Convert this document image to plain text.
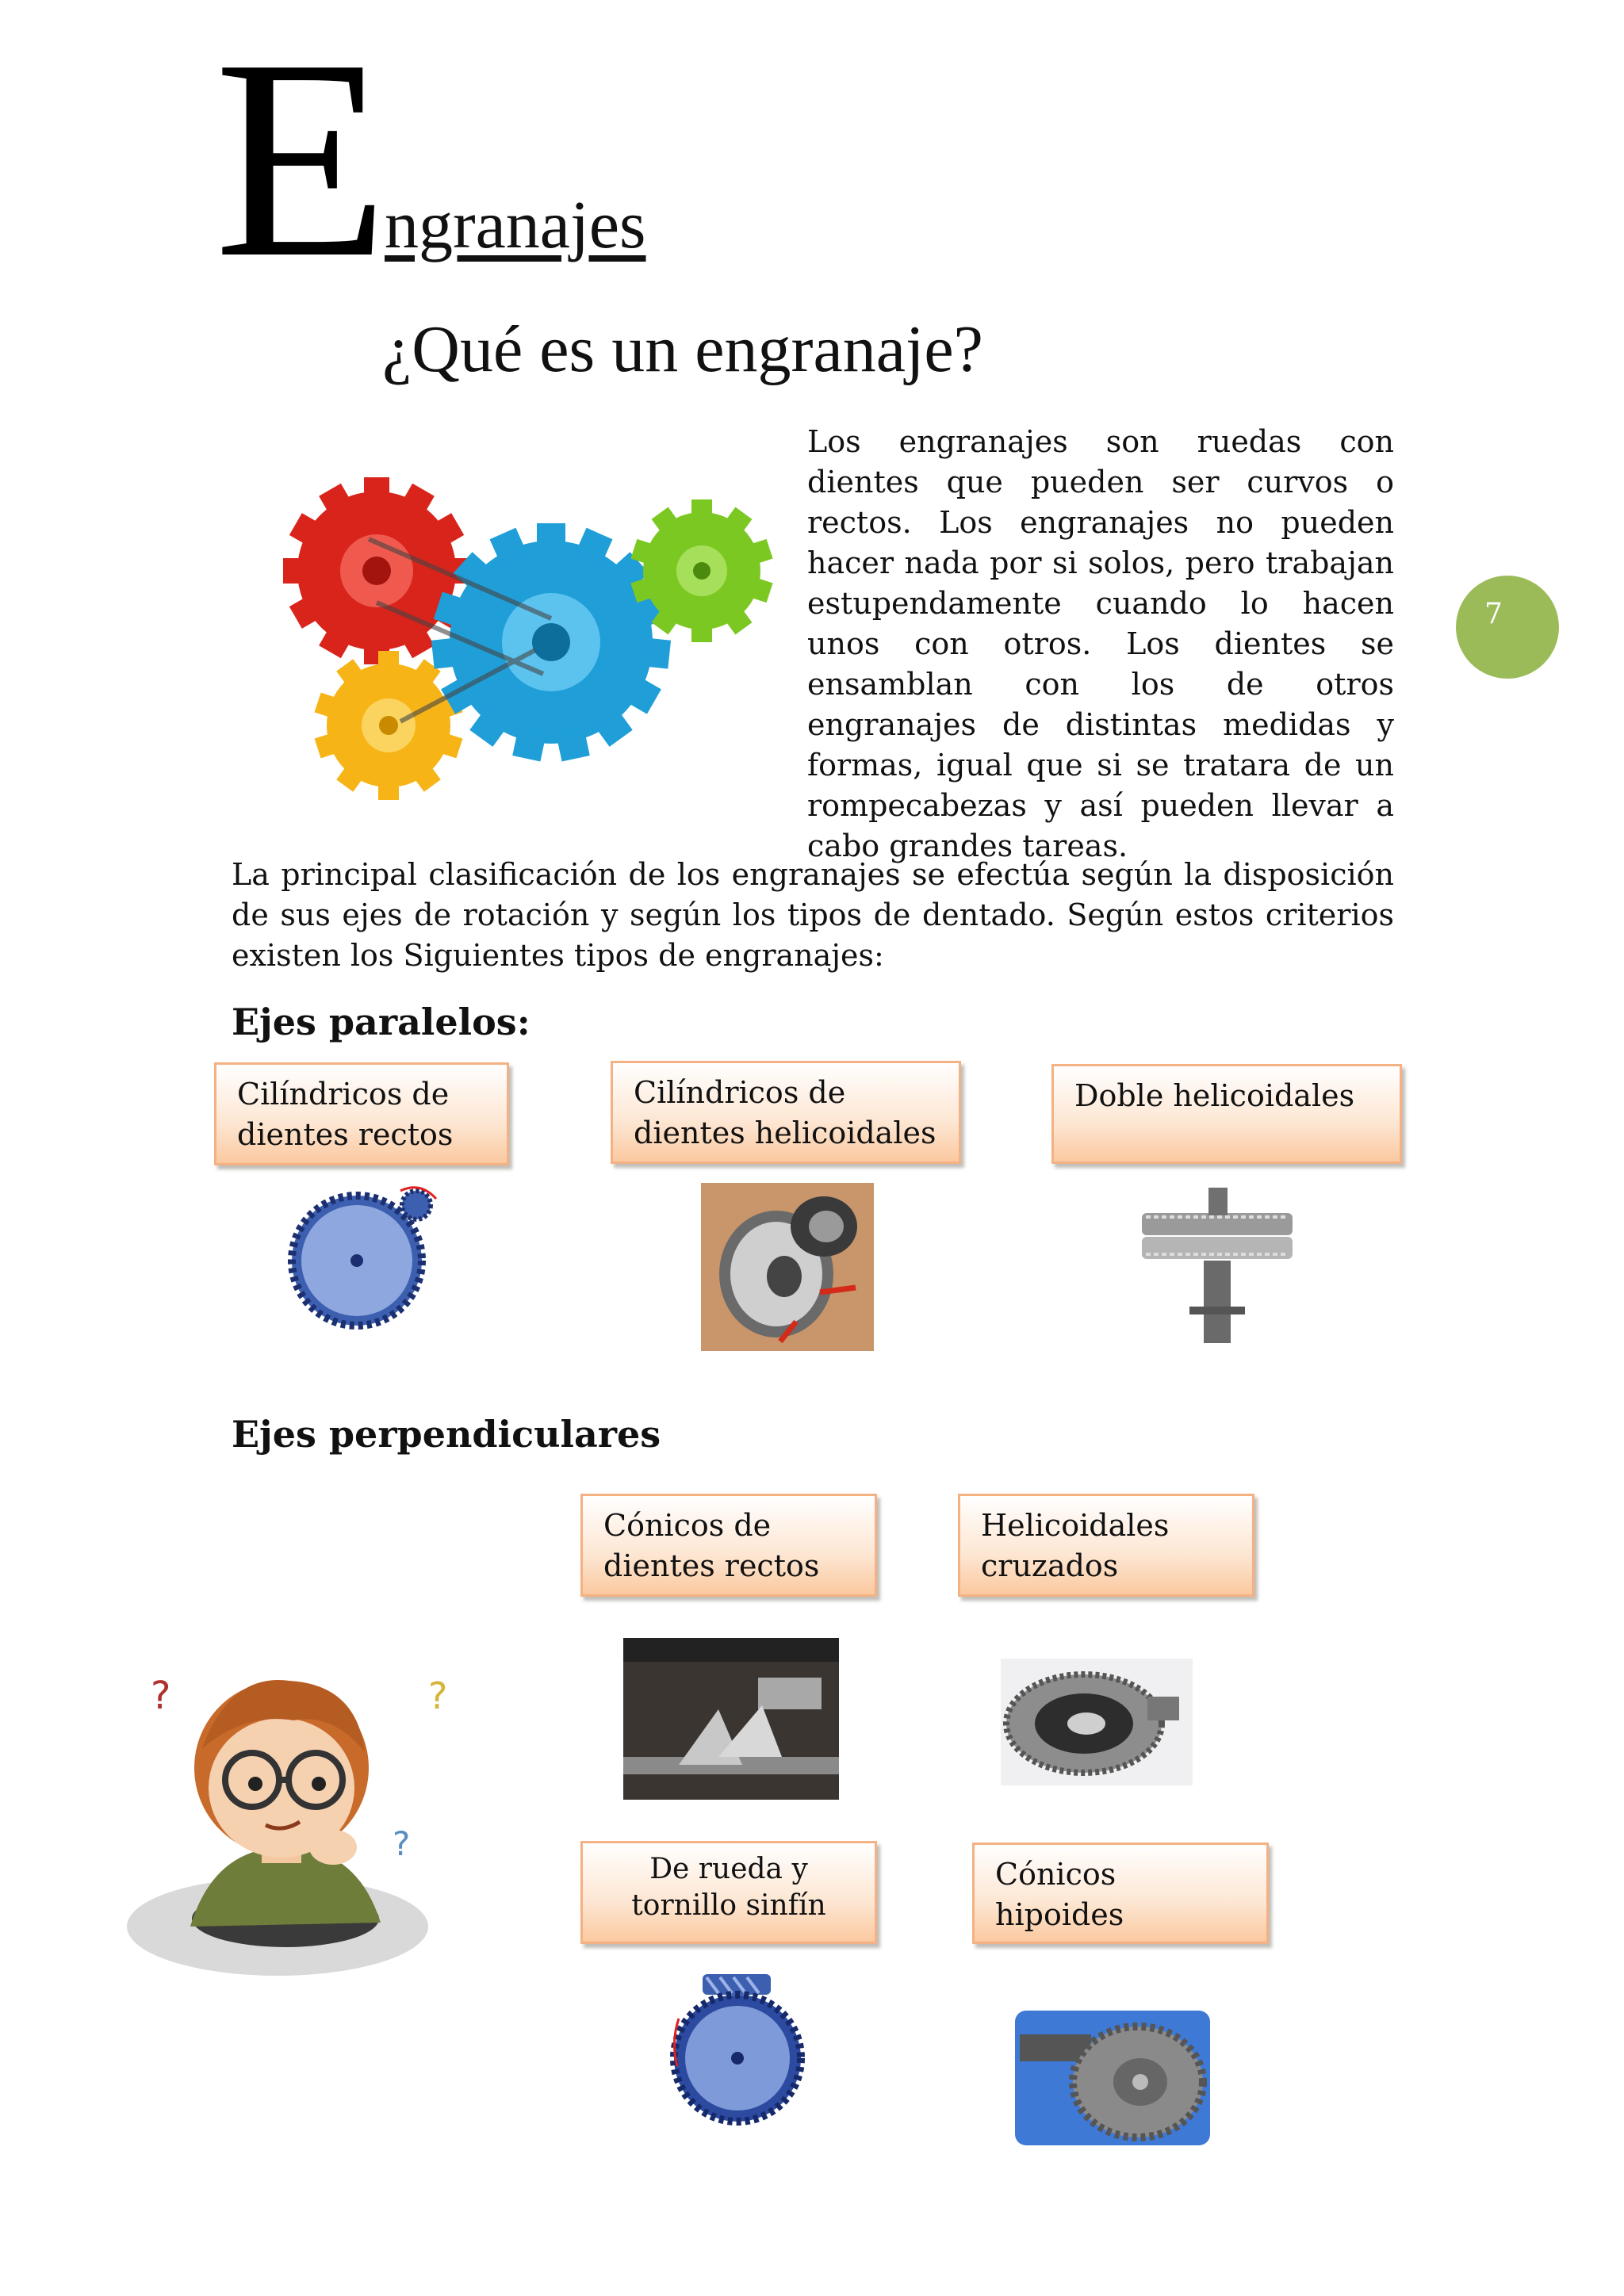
E
ngranajes
¿Qué es un engranaje?
7
Los engranajes son ruedas con dientes que pueden ser curvos o rectos. Los engranajes no pueden hacer nada por si solos, pero trabajan estupendamente cuando lo hacen unos con otros. Los dientes se ensamblan con los de otros engranajes de distintas medidas y formas, igual que si se tratara de un rompecabezas y así pueden llevar a cabo grandes tareas.
La principal clasificación de los engranajes se efectúa según la disposición de sus ejes de rotación y según los tipos de dentado. Según estos criterios existen los Siguientes tipos de engranajes:
Ejes paralelos:
Cilíndricos de dientes rectos
Cilíndricos de dientes helicoidales
Doble helicoidales
Ejes perpendiculares
Cónicos de dientes rectos
Helicoidales cruzados
De rueda y tornillo sinfín
Cónicos hipoides
?	?
?
